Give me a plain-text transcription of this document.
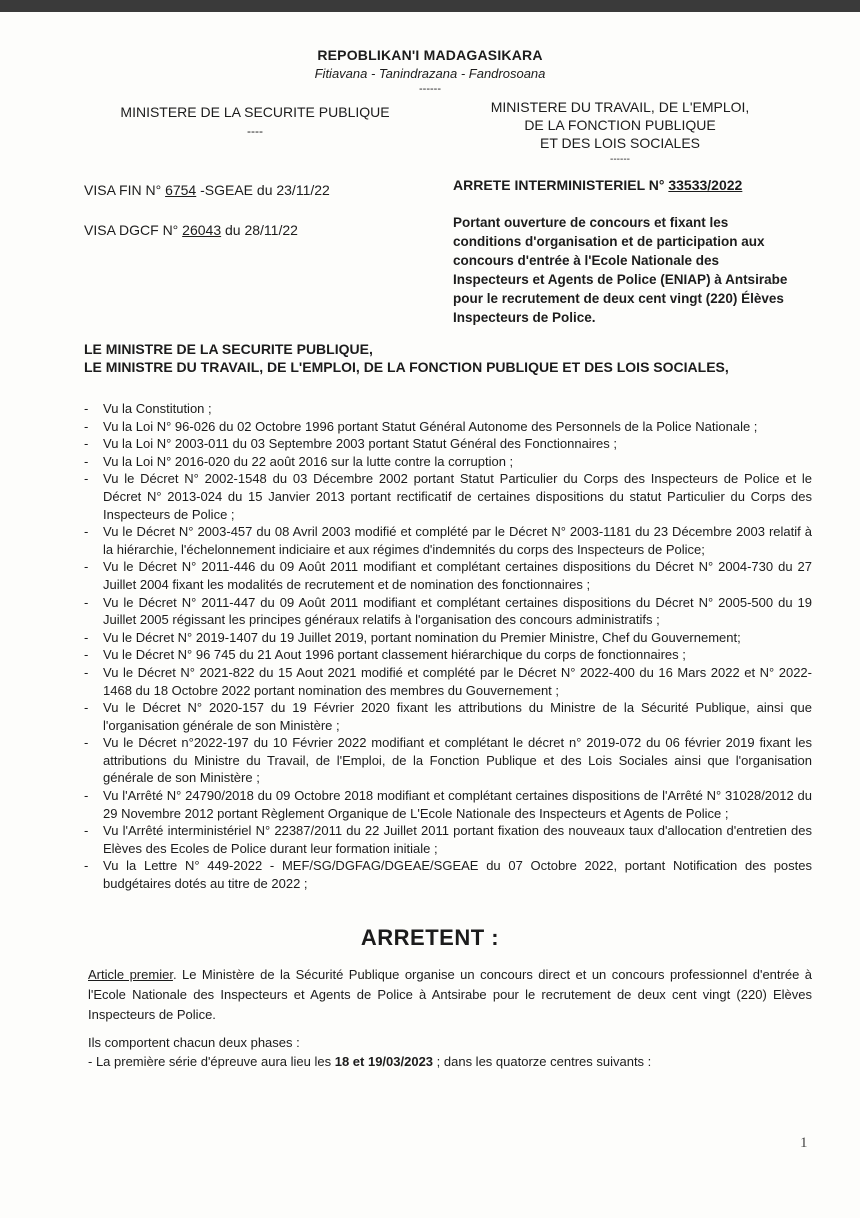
REPOBLIKAN'I MADAGASIKARA
Fitiavana - Tanindrazana - Fandrosoana
------
MINISTERE DE LA SECURITE PUBLIQUE
----
MINISTERE DU TRAVAIL, DE L'EMPLOI,
DE LA FONCTION PUBLIQUE
ET DES LOIS SOCIALES
------
VISA FIN N° 6754 -SGEAE du 23/11/22
VISA DGCF N° 26043 du 28/11/22
ARRETE INTERMINISTERIEL N° 33533/2022
Portant ouverture de concours et fixant les conditions d'organisation et de participation aux concours d'entrée à l'Ecole Nationale des Inspecteurs et Agents de Police (ENIAP) à Antsirabe pour le recrutement de deux cent vingt (220) Élèves Inspecteurs de Police.
LE MINISTRE DE LA SECURITE PUBLIQUE,
LE MINISTRE DU TRAVAIL, DE L'EMPLOI, DE LA FONCTION PUBLIQUE ET DES LOIS SOCIALES,
- Vu la Constitution ;
- Vu la Loi N° 96-026 du 02 Octobre 1996 portant Statut Général Autonome des Personnels de la Police Nationale ;
- Vu la Loi N° 2003-011 du 03 Septembre 2003 portant Statut Général des Fonctionnaires ;
- Vu la Loi N° 2016-020 du 22 août 2016 sur la lutte contre la corruption ;
- Vu le Décret N° 2002-1548 du 03 Décembre 2002 portant Statut Particulier du Corps des Inspecteurs de Police et le Décret N° 2013-024 du 15 Janvier 2013 portant rectificatif de certaines dispositions du statut Particulier du Corps des Inspecteurs de Police ;
- Vu le Décret N° 2003-457 du 08 Avril 2003 modifié et complété par le Décret N° 2003-1181 du 23 Décembre 2003 relatif à la hiérarchie, l'échelonnement indiciaire et aux régimes d'indemnités du corps des Inspecteurs de Police;
- Vu le Décret N° 2011-446 du 09 Août 2011 modifiant et complétant certaines dispositions du Décret N° 2004-730 du 27 Juillet 2004 fixant les modalités de recrutement et de nomination des fonctionnaires ;
- Vu le Décret N° 2011-447 du 09 Août 2011 modifiant et complétant certaines dispositions du Décret N° 2005-500 du 19 Juillet 2005 régissant les principes généraux relatifs à l'organisation des concours administratifs ;
- Vu le Décret N° 2019-1407 du 19 Juillet 2019, portant nomination du Premier Ministre, Chef du Gouvernement;
- Vu le Décret N° 96 745 du 21 Aout 1996 portant classement hiérarchique du corps de fonctionnaires ;
- Vu le Décret N° 2021-822 du 15 Aout 2021 modifié et complété par le Décret N° 2022-400 du 16 Mars 2022 et N° 2022-1468 du 18 Octobre 2022 portant nomination des membres du Gouvernement ;
- Vu le Décret N° 2020-157 du 19 Février 2020 fixant les attributions du Ministre de la Sécurité Publique, ainsi que l'organisation générale de son Ministère ;
- Vu le Décret n°2022-197 du 10 Février 2022 modifiant et complétant le décret n° 2019-072 du 06 février 2019 fixant les attributions du Ministre du Travail, de l'Emploi, de la Fonction Publique et des Lois Sociales ainsi que l'organisation générale de son Ministère ;
- Vu l'Arrêté N° 24790/2018 du 09 Octobre 2018 modifiant et complétant certaines dispositions de l'Arrêté N° 31028/2012 du 29 Novembre 2012 portant Règlement Organique de L'Ecole Nationale des Inspecteurs et Agents de Police ;
- Vu l'Arrêté interministériel N° 22387/2011 du 22 Juillet 2011 portant fixation des nouveaux taux d'allocation d'entretien des Elèves des Ecoles de Police durant leur formation initiale ;
- Vu la Lettre N° 449-2022 - MEF/SG/DGFAG/DGEAE/SGEAE du 07 Octobre 2022, portant Notification des postes budgétaires dotés au titre de 2022 ;
ARRETENT :
Article premier. Le Ministère de la Sécurité Publique organise un concours direct et un concours professionnel d'entrée à l'Ecole Nationale des Inspecteurs et Agents de Police à Antsirabe pour le recrutement de deux cent vingt (220) Elèves Inspecteurs de Police.
Ils comportent chacun deux phases :
- La première série d'épreuve aura lieu les 18 et 19/03/2023 ; dans les quatorze centres suivants :
1
